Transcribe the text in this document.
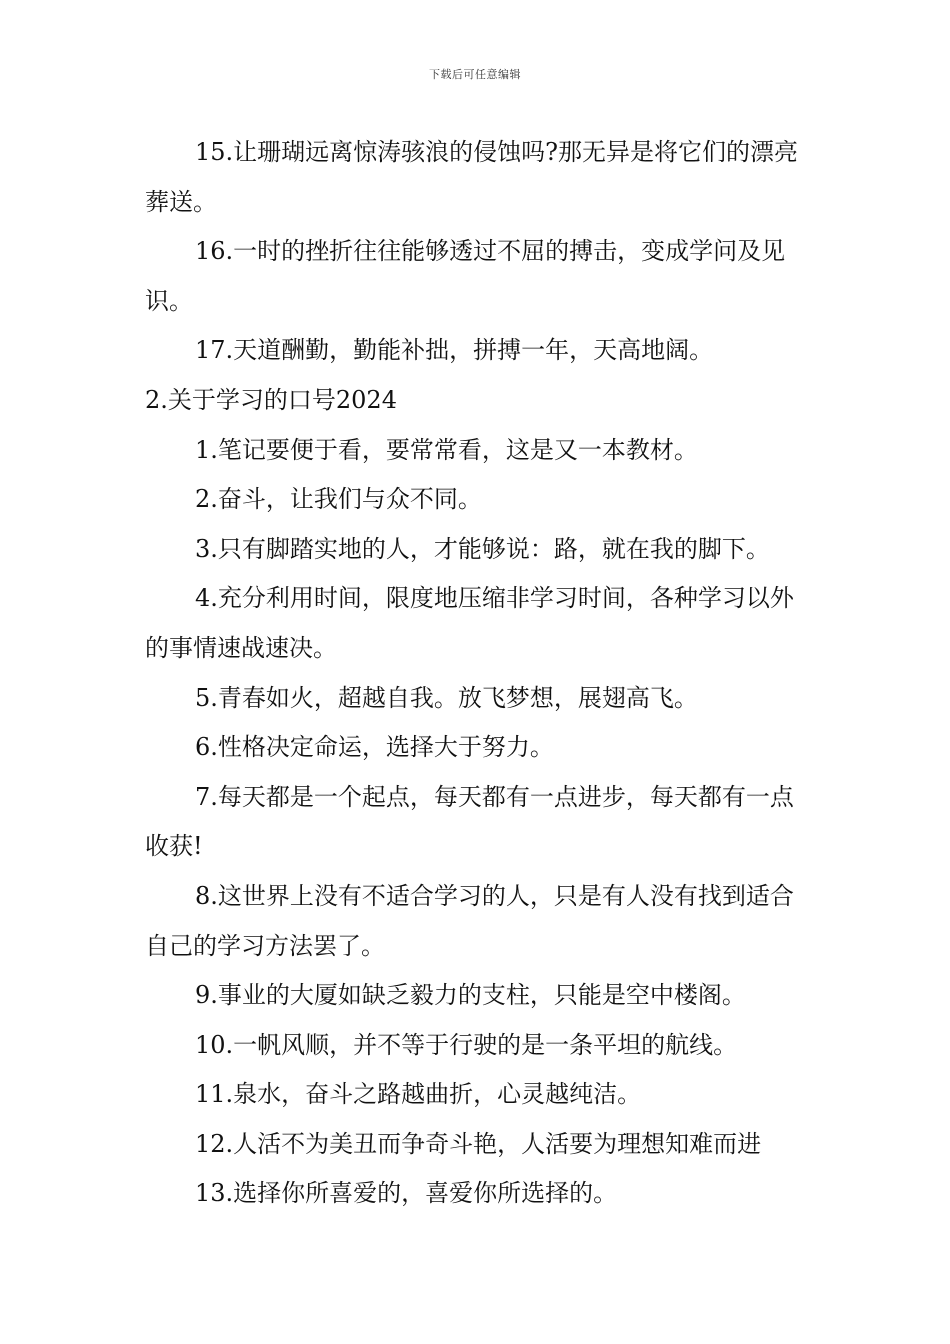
下载后可任意编辑

15.让珊瑚远离惊涛骇浪的侵蚀吗?那无异是将它们的漂亮葬送。

16.一时的挫折往往能够透过不屈的搏击，变成学问及见识。

17.天道酬勤，勤能补拙，拼搏一年，天高地阔。

2.关于学习的口号2024

1.笔记要便于看，要常常看，这是又一本教材。

2.奋斗，让我们与众不同。

3.只有脚踏实地的人，才能够说：路，就在我的脚下。

4.充分利用时间，限度地压缩非学习时间，各种学习以外的事情速战速决。

5.青春如火，超越自我。放飞梦想，展翅高飞。

6.性格决定命运，选择大于努力。

7.每天都是一个起点，每天都有一点进步，每天都有一点收获!

8.这世界上没有不适合学习的人，只是有人没有找到适合自己的学习方法罢了。

9.事业的大厦如缺乏毅力的支柱，只能是空中楼阁。

10.一帆风顺，并不等于行驶的是一条平坦的航线。

11.泉水，奋斗之路越曲折，心灵越纯洁。

12.人活不为美丑而争奇斗艳，人活要为理想知难而进

13.选择你所喜爱的，喜爱你所选择的。
